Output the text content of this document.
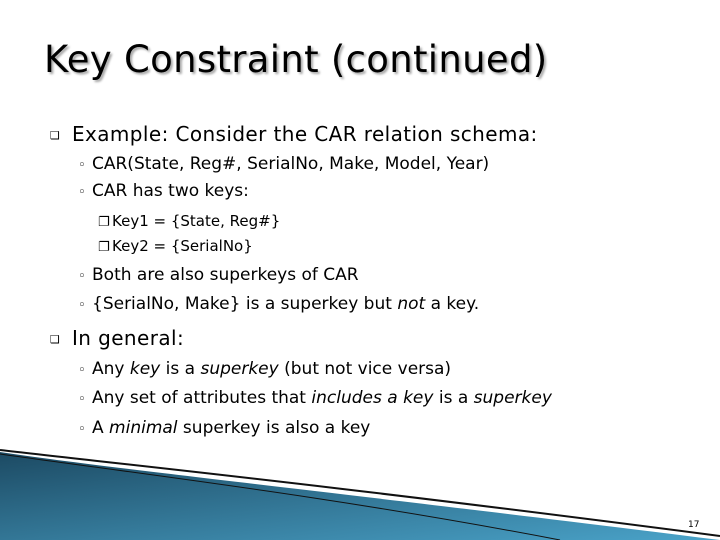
Key Constraint (continued)
❑ Example: Consider the CAR relation schema:
◦ CAR(State, Reg#, SerialNo, Make, Model, Year)
◦ CAR has two keys:
❐ Key1 = {State, Reg#}
❐ Key2 = {SerialNo}
◦ Both are also superkeys of CAR
◦ {SerialNo, Make} is a superkey but not a key.
❑ In general:
◦ Any key is a superkey (but not vice versa)
◦ Any set of attributes that includes a key is a superkey
◦ A minimal superkey is also a key
17
